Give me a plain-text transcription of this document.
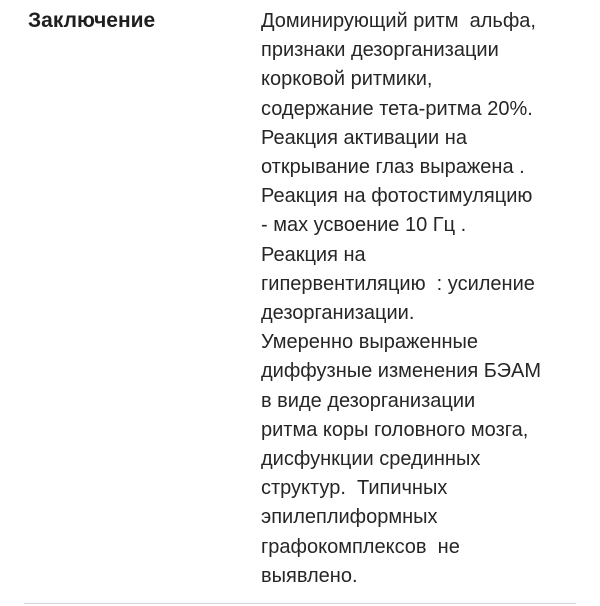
Заключение	Доминирующий ритм  альфа,
признаки дезорганизации
корковой ритмики,
содержание тета-ритма 20%.
Реакция активации на
открывание глаз выражена .
Реакция на фотостимуляцию
- мах усвоение 10 Гц .
Реакция на
гипервентиляцию  : усиление
дезорганизации.
Умеренно выраженные
диффузные изменения БЭАМ
в виде дезорганизации
ритма коры головного мозга,
дисфункции срединных
структур.  Типичных
эпилеплиформных
графокомплексов  не
выявлено.
